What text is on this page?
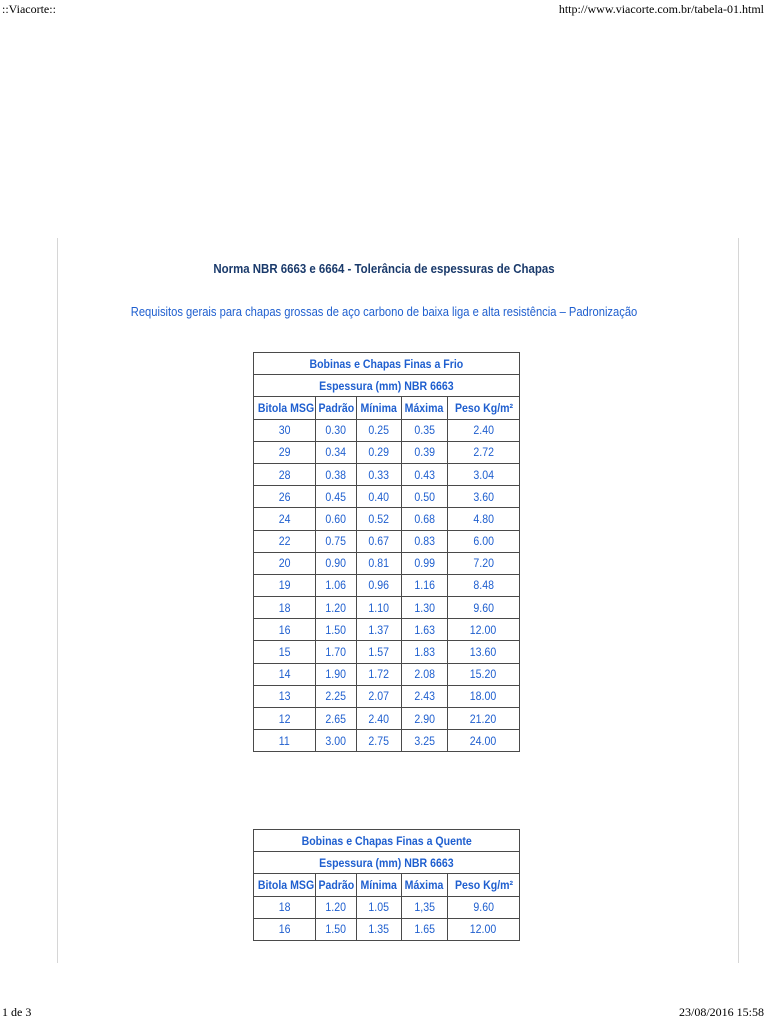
::Viacorte::	http://www.viacorte.com.br/tabela-01.html
Norma NBR 6663 e 6664 - Tolerância de espessuras de Chapas
Requisitos gerais para chapas grossas de aço carbono de baixa liga e alta resistência – Padronização
Bobinas e Chapas Finas a Frio				
Espessura (mm) NBR 6663				
Bitola MSG	Padrão	Mínima	Máxima	Peso Kg/m²
30	0.30	0.25	0.35	2.40
29	0.34	0.29	0.39	2.72
28	0.38	0.33	0.43	3.04
26	0.45	0.40	0.50	3.60
24	0.60	0.52	0.68	4.80
22	0.75	0.67	0.83	6.00
20	0.90	0.81	0.99	7.20
19	1.06	0.96	1.16	8.48
18	1.20	1.10	1.30	9.60
16	1.50	1.37	1.63	12.00
15	1.70	1.57	1.83	13.60
14	1.90	1.72	2.08	15.20
13	2.25	2.07	2.43	18.00
12	2.65	2.40	2.90	21.20
11	3.00	2.75	3.25	24.00
Bobinas e Chapas Finas a Quente				
Espessura (mm) NBR 6663				
Bitola MSG	Padrão	Mínima	Máxima	Peso Kg/m²
18	1.20	1.05	1,35	9.60
16	1.50	1.35	1.65	12.00
1 de 3	23/08/2016 15:58
